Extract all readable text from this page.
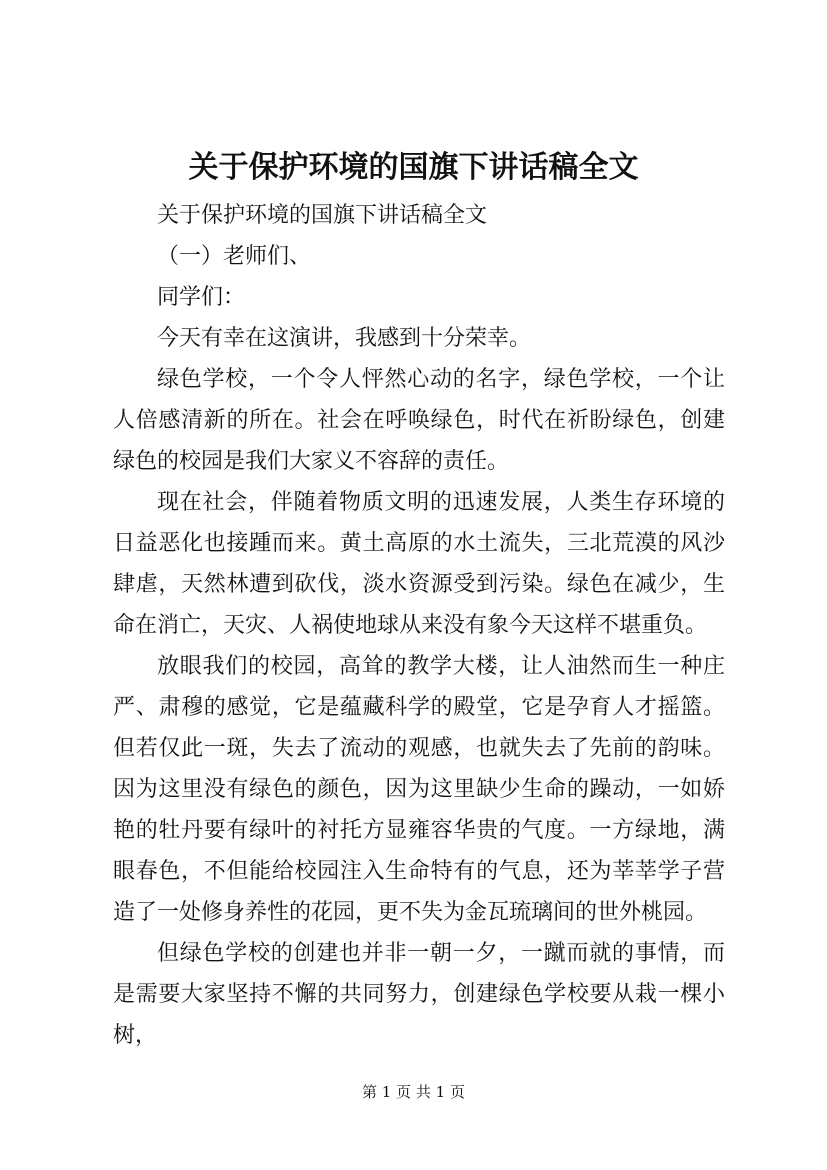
关于保护环境的国旗下讲话稿全文

关于保护环境的国旗下讲话稿全文

（一）老师们、

同学们：

今天有幸在这演讲，我感到十分荣幸。

绿色学校，一个令人怦然心动的名字，绿色学校，一个让人倍感清新的所在。社会在呼唤绿色，时代在祈盼绿色，创建绿色的校园是我们大家义不容辞的责任。

现在社会，伴随着物质文明的迅速发展，人类生存环境的日益恶化也接踵而来。黄土高原的水土流失，三北荒漠的风沙肆虐，天然林遭到砍伐，淡水资源受到污染。绿色在减少，生命在消亡，天灾、人祸使地球从来没有象今天这样不堪重负。

放眼我们的校园，高耸的教学大楼，让人油然而生一种庄严、肃穆的感觉，它是蕴藏科学的殿堂，它是孕育人才摇篮。但若仅此一斑，失去了流动的观感，也就失去了先前的韵味。因为这里没有绿色的颜色，因为这里缺少生命的躁动，一如娇艳的牡丹要有绿叶的衬托方显雍容华贵的气度。一方绿地，满眼春色，不但能给校园注入生命特有的气息，还为莘莘学子营造了一处修身养性的花园，更不失为金瓦琉璃间的世外桃园。

但绿色学校的创建也并非一朝一夕，一蹴而就的事情，而是需要大家坚持不懈的共同努力，创建绿色学校要从栽一棵小树，

第 1 页 共 1 页
